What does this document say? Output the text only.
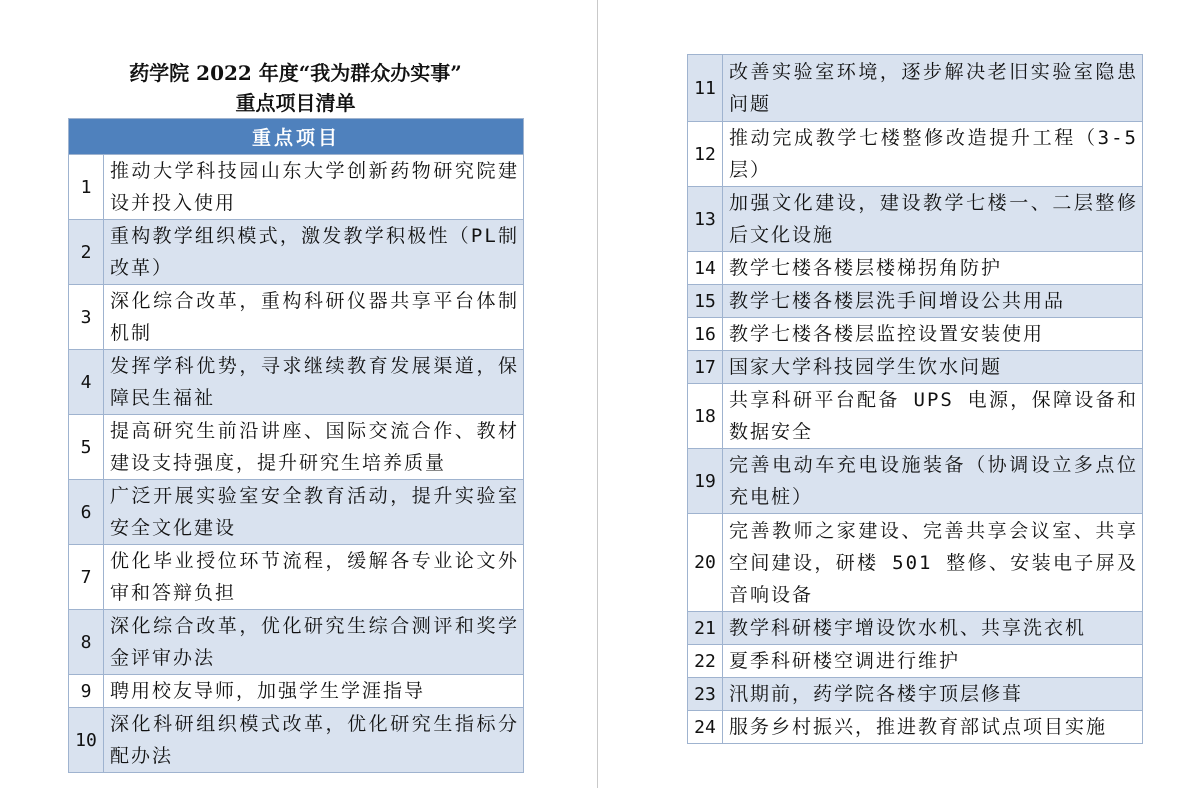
药学院 2022 年度“我为群众办实事”
重点项目清单
重点项目	
1	推动大学科技园山东大学创新药物研究院建设并投入使用
2	重构教学组织模式，激发教学积极性（PL制改革）
3	深化综合改革，重构科研仪器共享平台体制机制
4	发挥学科优势，寻求继续教育发展渠道，保障民生福祉
5	提高研究生前沿讲座、国际交流合作、教材建设支持强度，提升研究生培养质量
6	广泛开展实验室安全教育活动，提升实验室安全文化建设
7	优化毕业授位环节流程，缓解各专业论文外审和答辩负担
8	深化综合改革，优化研究生综合测评和奖学金评审办法
9	聘用校友导师，加强学生学涯指导
10	深化科研组织模式改革，优化研究生指标分配办法
11	改善实验室环境，逐步解决老旧实验室隐患问题
12	推动完成教学七楼整修改造提升工程（3-5 层）
13	加强文化建设，建设教学七楼一、二层整修后文化设施
14	教学七楼各楼层楼梯拐角防护
15	教学七楼各楼层洗手间增设公共用品
16	教学七楼各楼层监控设置安装使用
17	国家大学科技园学生饮水问题
18	共享科研平台配备 UPS 电源，保障设备和数据安全
19	完善电动车充电设施装备（协调设立多点位充电桩）
20	完善教师之家建设、完善共享会议室、共享空间建设，研楼 501 整修、安装电子屏及音响设备
21	教学科研楼宇增设饮水机、共享洗衣机
22	夏季科研楼空调进行维护
23	汛期前，药学院各楼宇顶层修葺
24	服务乡村振兴，推进教育部试点项目实施
